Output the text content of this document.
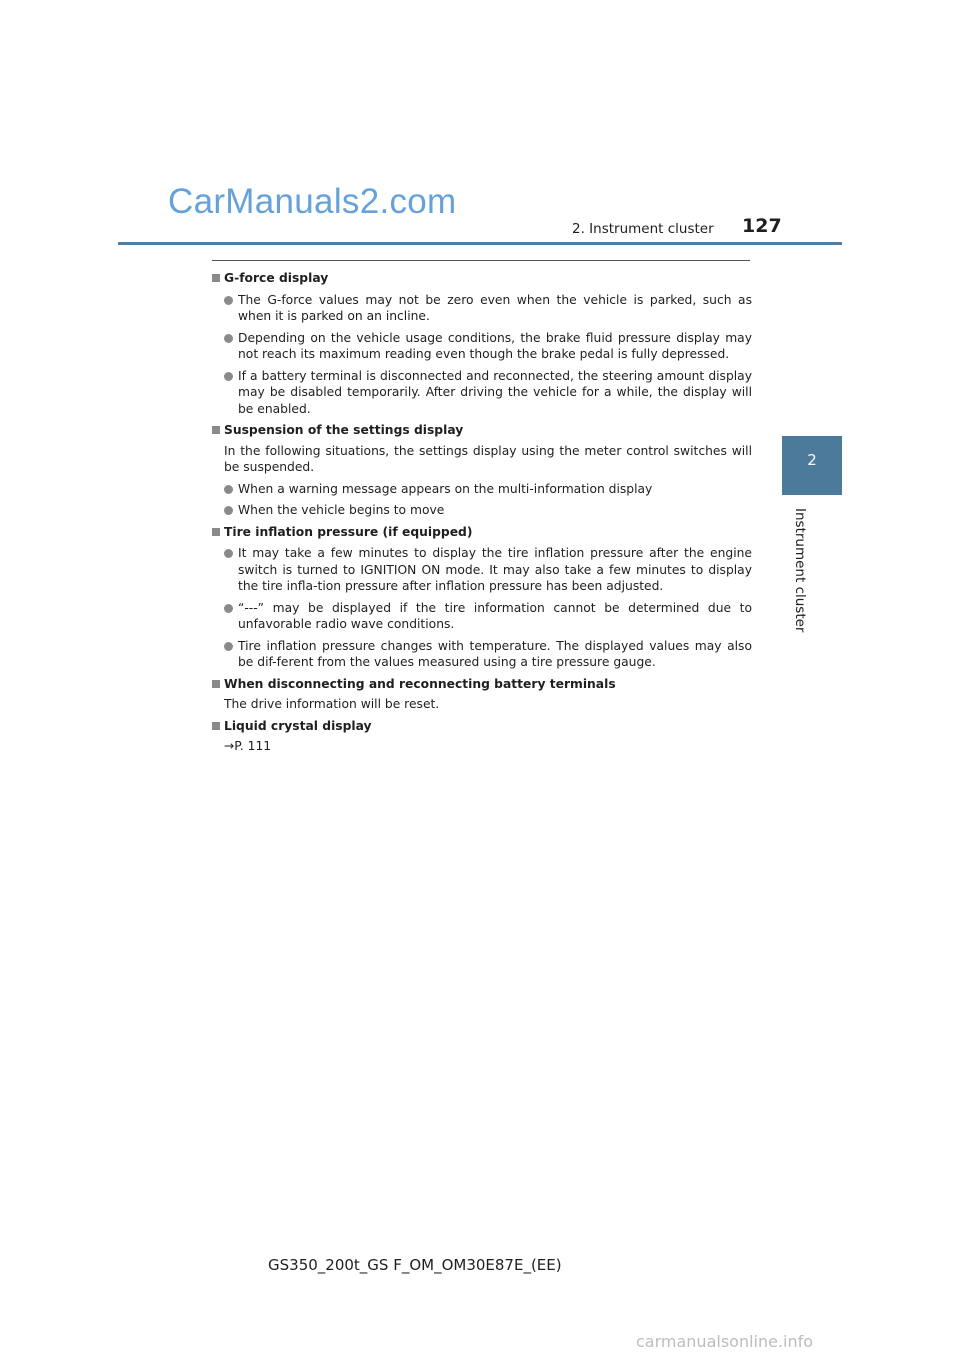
CarManuals2.com
2. Instrument cluster 127
2
Instrument cluster
G-force display
The G-force values may not be zero even when the vehicle is parked, such as when it is parked on an incline.
Depending on the vehicle usage conditions, the brake fluid pressure display may not reach its maximum reading even though the brake pedal is fully depressed.
If a battery terminal is disconnected and reconnected, the steering amount display may be disabled temporarily. After driving the vehicle for a while, the display will be enabled.
Suspension of the settings display
In the following situations, the settings display using the meter control switches will be suspended.
When a warning message appears on the multi-information display
When the vehicle begins to move
Tire inflation pressure (if equipped)
It may take a few minutes to display the tire inflation pressure after the engine switch is turned to IGNITION ON mode. It may also take a few minutes to display the tire infla-tion pressure after inflation pressure has been adjusted.
“---” may be displayed if the tire information cannot be determined due to unfavorable radio wave conditions.
Tire inflation pressure changes with temperature. The displayed values may also be dif-ferent from the values measured using a tire pressure gauge.
When disconnecting and reconnecting battery terminals
The drive information will be reset.
Liquid crystal display
→P. 111
GS350_200t_GS F_OM_OM30E87E_(EE)
carmanualsonline.info
